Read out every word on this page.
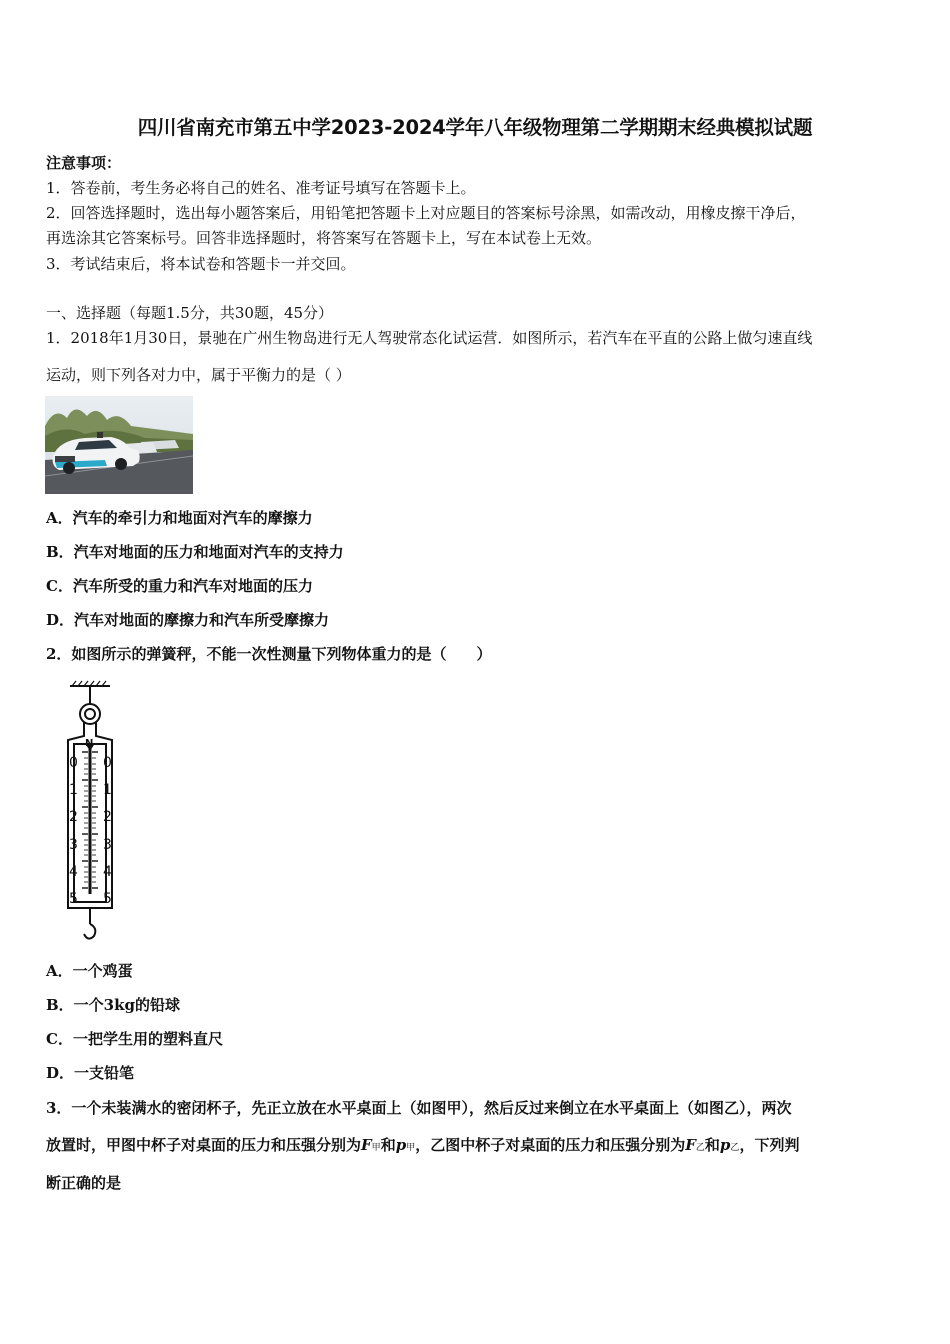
四川省南充市第五中学2023-2024学年八年级物理第二学期期末经典模拟试题
注意事项：
1．答卷前，考生务必将自己的姓名、准考证号填写在答题卡上。
2．回答选择题时，选出每小题答案后，用铅笔把答题卡上对应题目的答案标号涂黑，如需改动，用橡皮擦干净后，
再选涂其它答案标号。回答非选择题时，将答案写在答题卡上，写在本试卷上无效。
3．考试结束后，将本试卷和答题卡一并交回。
一、选择题（每题1.5分，共30题，45分）
1．2018年1月30日，景驰在广州生物岛进行无人驾驶常态化试运营．如图所示，若汽车在平直的公路上做匀速直线
运动，则下列各对力中，属于平衡力的是（ ）
A．汽车的牵引力和地面对汽车的摩擦力
B．汽车对地面的压力和地面对汽车的支持力
C．汽车所受的重力和汽车对地面的压力
D．汽车对地面的摩擦力和汽车所受摩擦力
2．如图所示的弹簧秤，不能一次性测量下列物体重力的是（　　）
N
0
1
2
3
4
5
0
1
2
3
4
5
A．一个鸡蛋
B．一个3kg的铅球
C．一把学生用的塑料直尺
D．一支铅笔
3．一个未装满水的密闭杯子，先正立放在水平桌面上（如图甲），然后反过来倒立在水平桌面上（如图乙），两次
放置时，甲图中杯子对桌面的压力和压强分别为F甲和p甲，乙图中杯子对桌面的压力和压强分别为F乙和p乙，下列判
断正确的是
